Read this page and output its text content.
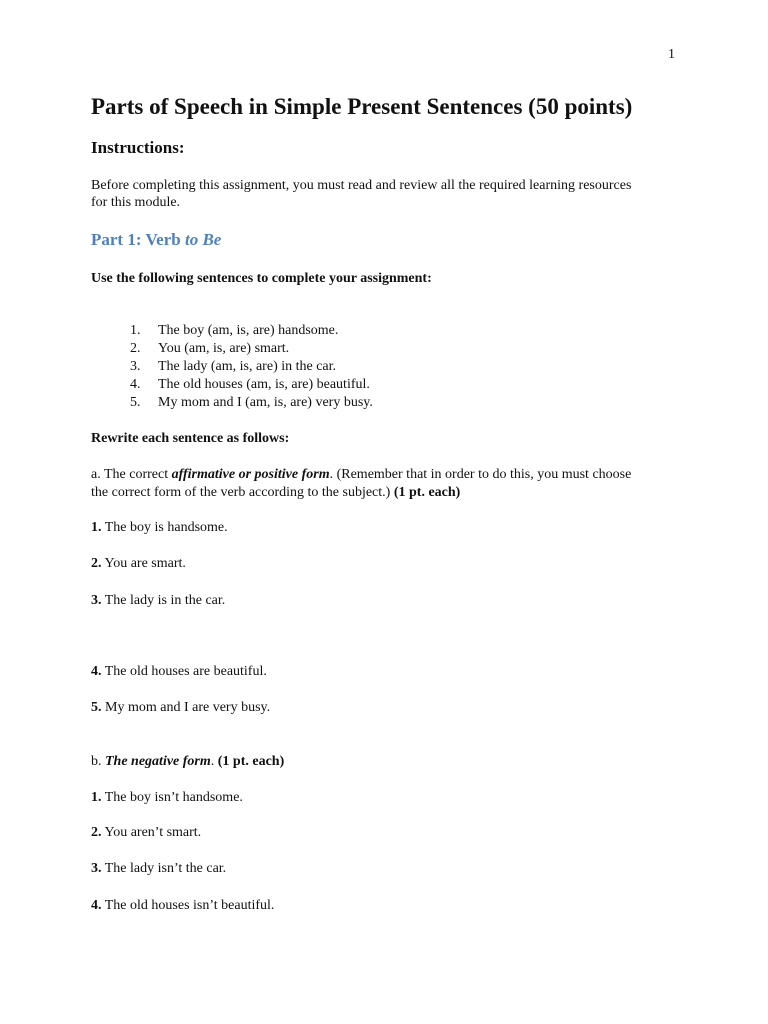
1
Parts of Speech in Simple Present Sentences (50 points)
Instructions:
Before completing this assignment, you must read and review all the required learning resources
for this module.
Part 1: Verb to Be
Use the following sentences to complete your assignment:
1. The boy (am, is, are) handsome.
2. You (am, is, are) smart.
3. The lady (am, is, are) in the car.
4. The old houses (am, is, are) beautiful.
5. My mom and I (am, is, are) very busy.
Rewrite each sentence as follows:
a. The correct affirmative or positive form. (Remember that in order to do this, you must choose
the correct form of the verb according to the subject.) (1 pt. each)
1. The boy is handsome.
2. You are smart.
3. The lady is in the car.
4. The old houses are beautiful.
5. My mom and I are very busy.
b. The negative form. (1 pt. each)
1. The boy isn’t handsome.
2. You aren’t smart.
3. The lady isn’t the car.
4. The old houses isn’t beautiful.
